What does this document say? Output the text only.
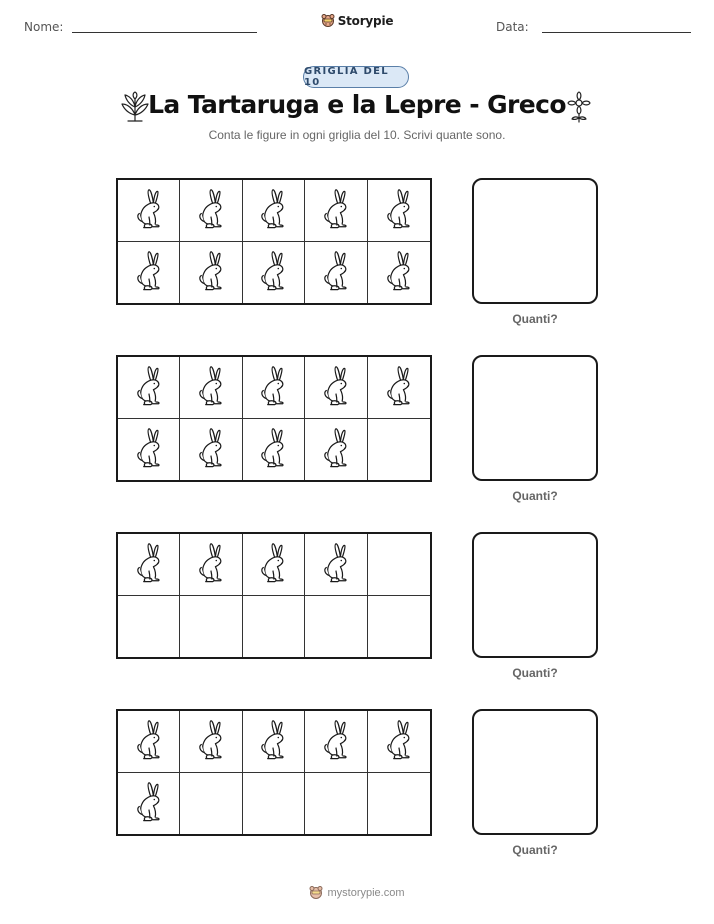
Nome:	Storypie	Data:
GRIGLIA DEL 10
La Tartaruga e la Lepre - Greco
Conta le figure in ogni griglia del 10. Scrivi quante sono.
Quanti?
Quanti?
Quanti?
Quanti?
mystorypie.com
